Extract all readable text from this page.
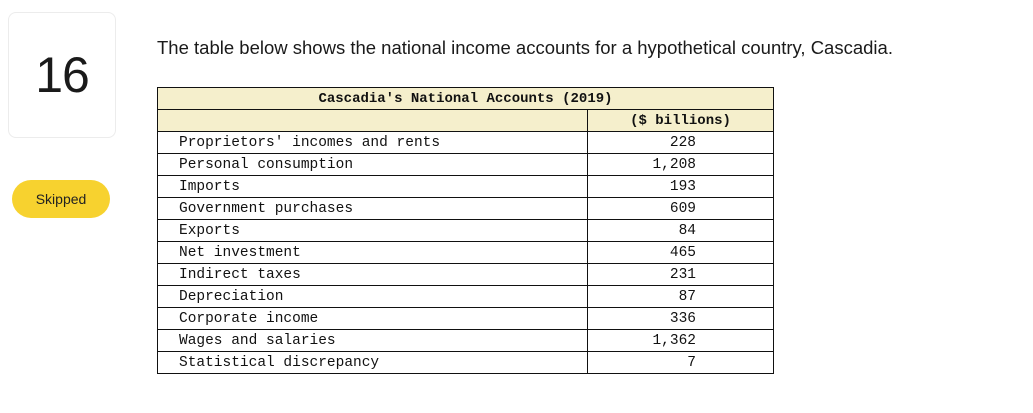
16
Skipped
The table below shows the national income accounts for a hypothetical country, Cascadia.
Cascadia's National Accounts (2019)	
	($ billions)
Proprietors' incomes and rents	228
Personal consumption	1,208
Imports	193
Government purchases	609
Exports	84
Net investment	465
Indirect taxes	231
Depreciation	87
Corporate income	336
Wages and salaries	1,362
Statistical discrepancy	7
